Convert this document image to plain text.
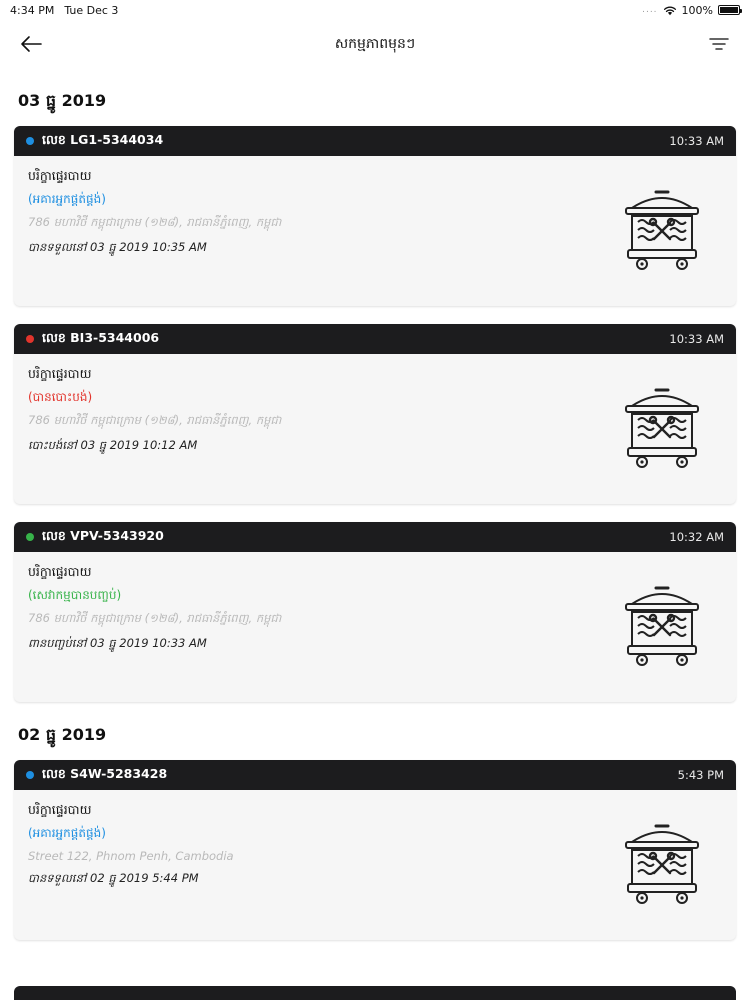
4:34 PM Tue Dec 3	.... 100%
សកម្មភាពមុនៗ
03 ធ្នូ 2019
លេខ LG1-5344034	10:33 AM
បរិក្ខាផ្ទេរបាយ
(អគារអ្នកផ្គត់ផ្គង់)
786 មហាវិថី កម្ពុជាក្រោម (១២៨), រាជធានីភ្នំពេញ, កម្ពុជា
បានទទួលនៅ 03 ធ្នូ 2019 10:35 AM
លេខ BI3-5344006	10:33 AM
បរិក្ខាផ្ទេរបាយ
(បានបោះបង់)
786 មហាវិថី កម្ពុជាក្រោម (១២៨), រាជធានីភ្នំពេញ, កម្ពុជា
បោះបង់នៅ 03 ធ្នូ 2019 10:12 AM
លេខ VPV-5343920	10:32 AM
បរិក្ខាផ្ទេរបាយ
(សេវាកម្មបានបញ្ចប់)
786 មហាវិថី កម្ពុជាក្រោម (១២៨), រាជធានីភ្នំពេញ, កម្ពុជា
ពានបញ្ចប់នៅ 03 ធ្នូ 2019 10:33 AM
02 ធ្នូ 2019
លេខ S4W-5283428	5:43 PM
បរិក្ខាផ្ទេរបាយ
(អគារអ្នកផ្គត់ផ្គង់)
Street 122, Phnom Penh, Cambodia
បានទទួលនៅ 02 ធ្នូ 2019 5:44 PM
